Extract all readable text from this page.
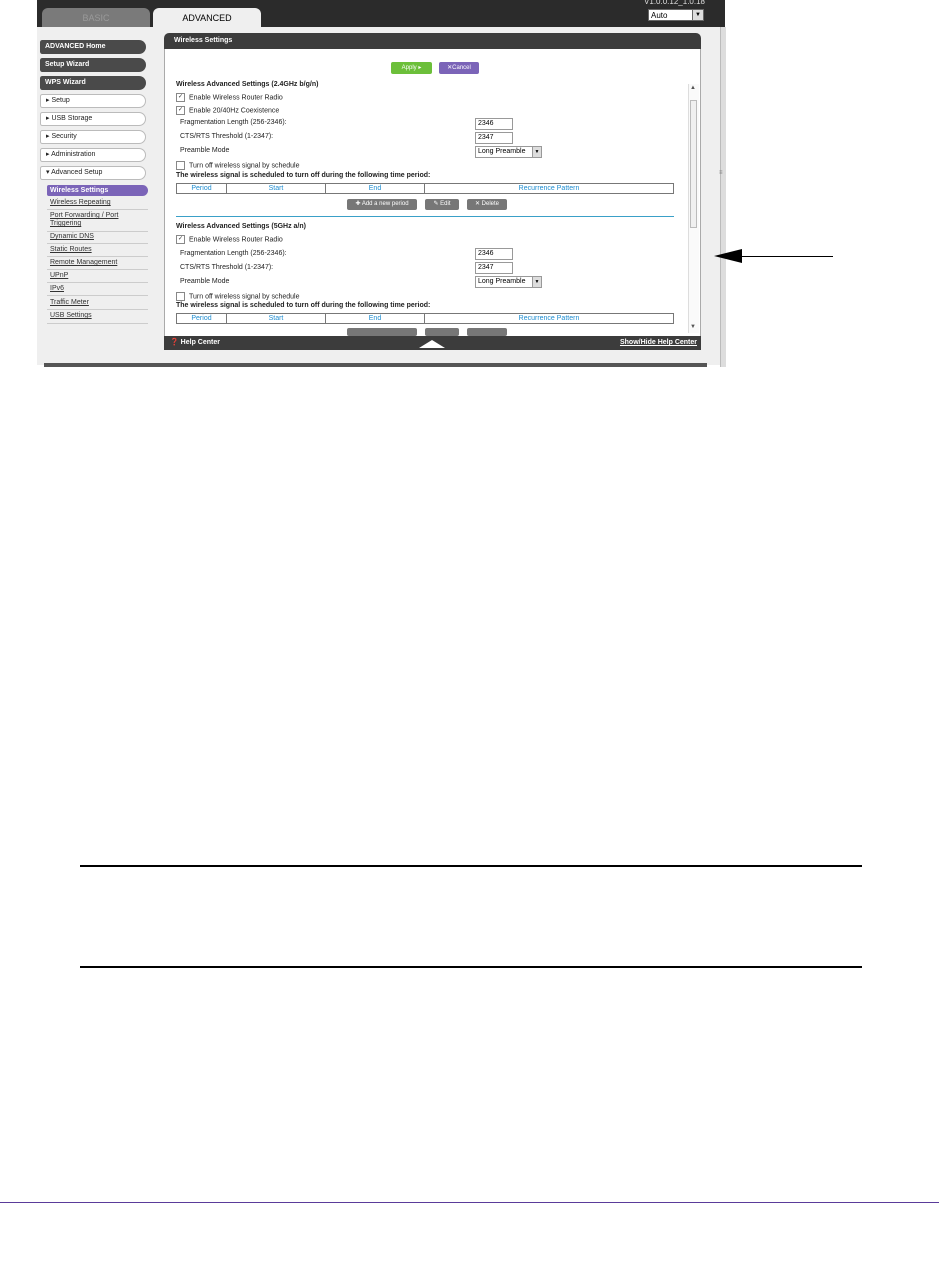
V1.0.0.12_1.0.18
BASIC	ADVANCED	Auto	▼
≡
ADVANCED Home
Setup Wizard
WPS Wizard
▸ Setup
▸ USB Storage
▸ Security
▸ Administration
▾ Advanced Setup
Wireless Settings
Wireless Repeating
Port Forwarding / Port Triggering
Dynamic DNS
Static Routes
Remote Management
UPnP
IPv6
Traffic Meter
USB Settings
Wireless Settings
Apply ▸	✕Cancel
Wireless Advanced Settings (2.4GHz b/g/n)
✓ Enable Wireless Router Radio
✓ Enable 20/40Hz Coexistence
Fragmentation Length (256-2346):	2346
CTS/RTS Threshold (1-2347):	2347
Preamble Mode	Long Preamble	▼
Turn off wireless signal by schedule
The wireless signal is scheduled to turn off during the following time period:
Period	Start	End	Recurrence Pattern
✚ Add a new period	✎ Edit	✕ Delete
Wireless Advanced Settings (5GHz a/n)
✓ Enable Wireless Router Radio
Fragmentation Length (256-2346):	2346
CTS/RTS Threshold (1-2347):	2347
Preamble Mode	Long Preamble	▼
Turn off wireless signal by schedule
The wireless signal is scheduled to turn off during the following time period:
Period	Start	End	Recurrence Pattern
▲
▼
❓ Help Center	Show/Hide Help Center
